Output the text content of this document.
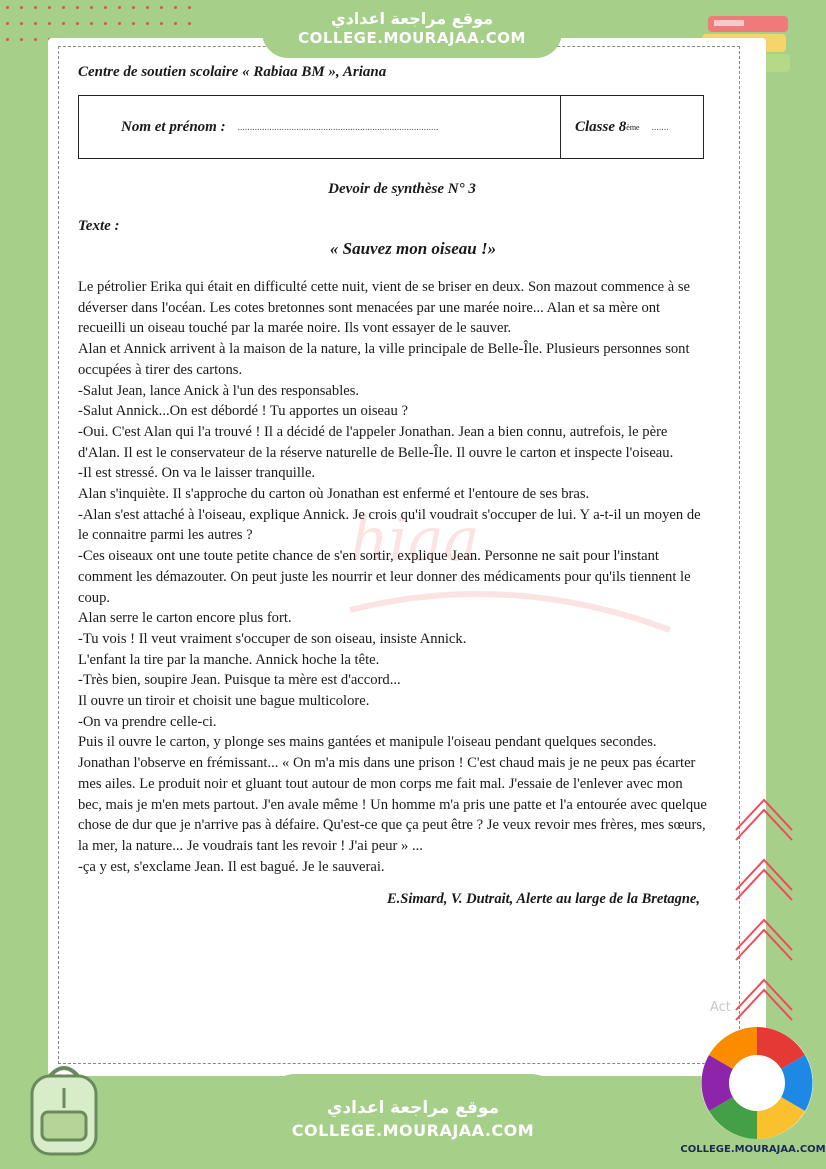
موقع مراجعة اعدادي
COLLEGE.MOURAJAA.COM
hiaa
Centre de soutien scolaire « Rabiaa BM », Ariana
Nom et prénom : ..................................................................................	Classe 8 ème .......
Devoir de synthèse N° 3
Texte :
« Sauvez mon oiseau !»

Le pétrolier Erika qui était en difficulté cette nuit, vient de se briser en deux. Son mazout commence à se déverser dans l'océan. Les cotes bretonnes sont menacées par une marée noire... Alan et sa mère ont recueilli un oiseau touché par la marée noire. Ils vont essayer de le sauver.

Alan et Annick arrivent à la maison de la nature, la ville principale de Belle-Île. Plusieurs personnes sont occupées à tirer des cartons.

-Salut Jean, lance Anick à l'un des responsables.

-Salut Annick...On est débordé ! Tu apportes un oiseau ?

-Oui. C'est Alan qui l'a trouvé ! Il a décidé de l'appeler Jonathan. Jean a bien connu, autrefois, le père d'Alan. Il est le conservateur de la réserve naturelle de Belle-Île. Il ouvre le carton et inspecte l'oiseau.

-Il est stressé. On va le laisser tranquille.

Alan s'inquiète. Il s'approche du carton où Jonathan est enfermé et l'entoure de ses bras.

-Alan s'est attaché à l'oiseau, explique Annick. Je crois qu'il voudrait s'occuper de lui. Y a-t-il un moyen de le connaitre parmi les autres ?

-Ces oiseaux ont une toute petite chance de s'en sortir, explique Jean. Personne ne sait pour l'instant comment les démazouter. On peut juste les nourrir et leur donner des médicaments pour qu'ils tiennent le coup.

Alan serre le carton encore plus fort.

-Tu vois ! Il veut vraiment s'occuper de son oiseau, insiste Annick.

L'enfant la tire par la manche. Annick hoche la tête.

-Très bien, soupire Jean. Puisque ta mère est d'accord...

Il ouvre un tiroir et choisit une bague multicolore.

-On va prendre celle-ci.

Puis il ouvre le carton, y plonge ses mains gantées et manipule l'oiseau pendant quelques secondes. Jonathan l'observe en frémissant... « On m'a mis dans une prison ! C'est chaud mais je ne peux pas écarter mes ailes. Le produit noir et gluant tout autour de mon corps me fait mal. J'essaie de l'enlever avec mon bec, mais je m'en mets partout. J'en avale même ! Un homme m'a pris une patte et l'a entourée avec quelque chose de dur que je n'arrive pas à défaire. Qu'est-ce que ça peut être ? Je veux revoir mes frères, mes sœurs, la mer, la nature... Je voudrais tant les revoir ! J'ai peur » ...

-ça y est, s'exclame Jean. Il est bagué. Je le sauverai.

E.Simard, V. Dutrait, Alerte au large de la Bretagne,
Act
موقع مراجعة اعدادي
COLLEGE.MOURAJAA.COM
COLLEGE.MOURAJAA.COM
